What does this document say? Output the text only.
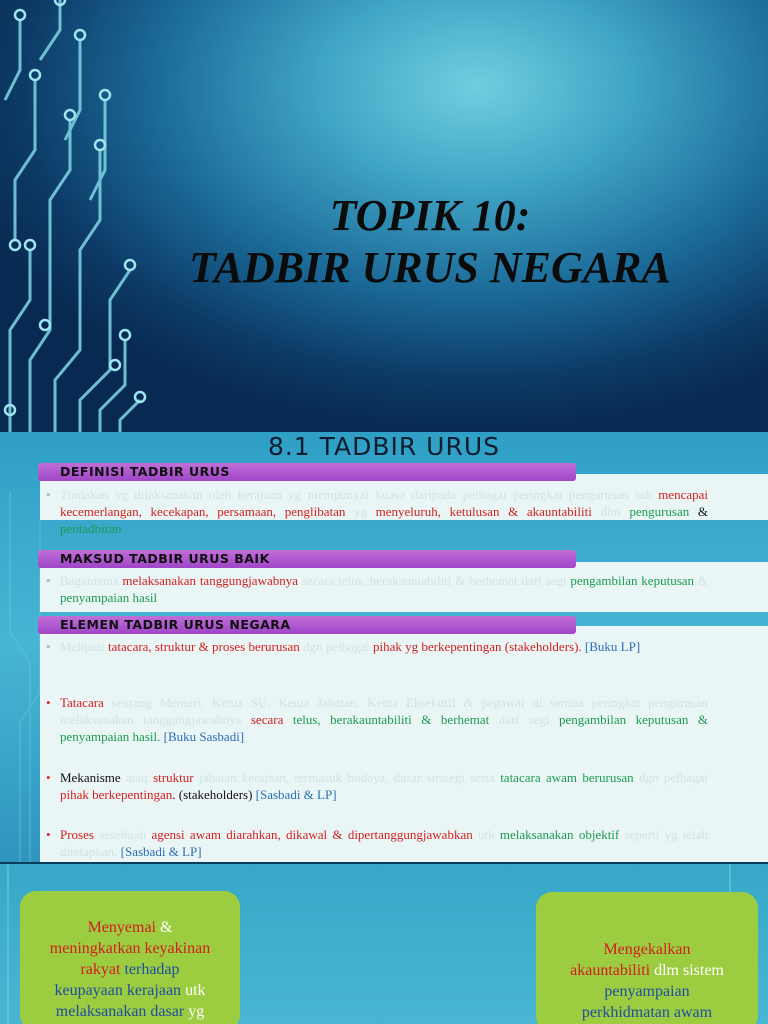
TOPIK 10:
TADBIR URUS NEGARA
8.1 TADBIR URUS
DEFINISI TADBIR URUS
• Tindakan yg dilaksanakan oleh kerajaan yg mempunyai kuasa daripada pelbagai peringkat pengurusan utk mencapai kecemerlangan, kecekapan, persamaan, penglibatan yg menyeluruh, ketulusan & akauntabiliti dlm pengurusan & pentadbiran
MAKSUD TADBIR URUS BAIK
• Bagaimana melaksanakan tanggungjawabnya secara telus, berakauntabiliti & berhemat dari segi pengambilan keputusan & penyampaian hasil
ELEMEN TADBIR URUS NEGARA
• Meliputi tatacara, struktur & proses berurusan dgn pelbagai pihak yg berkepentingan (stakeholders). [Buku LP]
• Tatacara seorang Menteri, Ketua SU, Ketua Jabatan, Ketua Eksekutif & pegawai di semua peringkat pengurusan melaksanakan tanggungjawabnya secara telus, berakauntabiliti & berhemat dari segi pengambilan keputusan & penyampaian hasil. [Buku Sasbadi]
• Mekanisme atau struktur jabatan kerajaan, termasuk budaya, dasar strategi serta tatacara awam berurusan dgn pelbagai pihak berkepentingan. (stakeholders) [Sasbadi & LP]
• Proses sesebuah agensi awam diarahkan, dikawal & dipertanggungjawabkan utk melaksanakan objektif seperti yg telah ditetapkan. [Sasbadi & LP]
Menyemai &
meningkatkan keyakinan
rakyat terhadap
keupayaan kerajaan utk
melaksanakan dasar yg
Mengekalkan
akauntabiliti dlm sistem
penyampaian
perkhidmatan awam
